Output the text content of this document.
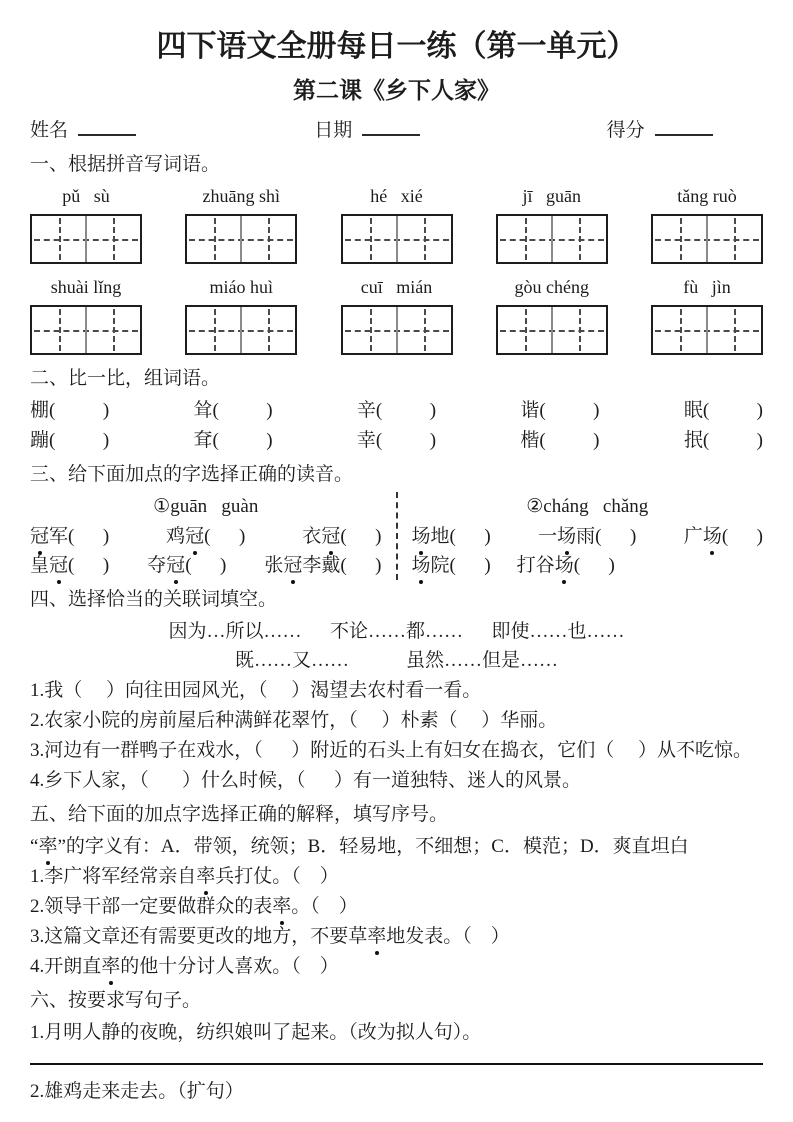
四下语文全册每日一练（第一单元）
第二课《乡下人家》
姓名	日期	得分
一、根据拼音写词语。
pǔ   sù	zhuāng shì	hé   xié	jī   guān	tǎng ruò
shuài lǐng	miáo huì	cuī   mián	gòu chéng	fù   jìn
二、比一比，组词语。
棚(          )	耸(          )	辛(          )	谐(          )	眠(          )
蹦(          )	耷(          )	幸(          )	楷(          )	抿(          )
三、给下面加点的字选择正确的读音。
①guān   guàn
冠军(      )	鸡冠(      )	衣冠(      )
皇冠(      ) 夺冠(      ) 张冠李戴(      )
②cháng   chǎng
场地(      ) 一场雨(      ) 广场(      )
场院(      ) 打谷场(      )
四、选择恰当的关联词填空。
因为…所以……      不论……都……      即使……也……
既……又……            虽然……但是……

1.我（     ）向往田园风光，（     ）渴望去农村看一看。

2.农家小院的房前屋后种满鲜花翠竹，（     ）朴素（     ）华丽。

3.河边有一群鸭子在戏水，（      ）附近的石头上有妇女在捣衣，它们（     ）从不吃惊。

4.乡下人家，（       ）什么时候，（      ）有一道独特、迷人的风景。

五、给下面的加点字选择正确的解释，填写序号。

“率”的字义有：A．带领，统领；B．轻易地，不细想；C．模范；D．爽直坦白

1.李广将军经常亲自率兵打仗。（    ）

2.领导干部一定要做群众的表率。（    ）

3.这篇文章还有需要更改的地方，不要草率地发表。（    ）

4.开朗直率的他十分讨人喜欢。（    ）

六、按要求写句子。

1.月明人静的夜晚，纺织娘叫了起来。（改为拟人句）。

2.雄鸡走来走去。（扩句）
